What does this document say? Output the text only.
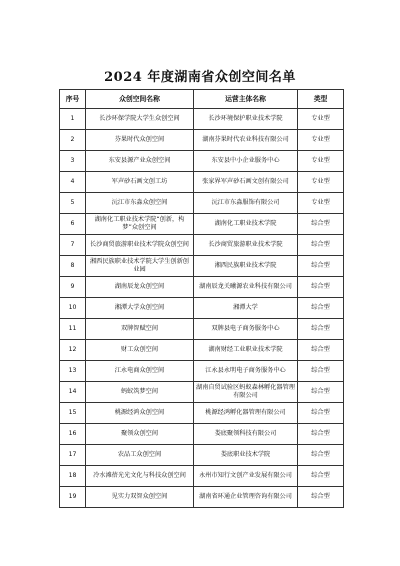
2024 年度湖南省众创空间名单
序号	众创空间名称	运营主体名称	类型
1	长沙环保学院大学生众创空间	长沙环境保护职业技术学院	专业型
2	芬果时代众创空间	湖南芬果时代农业科技有限公司	专业型
3	东安县源产业众创空间	东安县中小企业服务中心	专业型
4	军声砂石画文创工坊	张家界军声砂石画文创有限公司	专业型
5	沅江市东淼众创空间	沅江市东淼服饰有限公司	专业型
6	湖南化工职业技术学院“创新，构梦”众创空间	湖南化工职业技术学院	综合型
7	长沙商贸旅游职业技术学院众创空间	长沙商贸旅游职业技术学院	综合型
8	湘西民族职业技术学院大学生创新创业园	湘西民族职业技术学院	综合型
9	湖南辰龙众创空间	湖南辰龙关曦源农业科技有限公司	综合型
10	湘潭大学众创空间	湘潭大学	综合型
11	双牌智赋空间	双牌县电子商务服务中心	综合型
12	财工众创空间	湖南财经工业职业技术学院	综合型
13	江永电商众创空间	江永县永明电子商务服务中心	综合型
14	蚂蚁筑梦空间	湖南自贸试验区蚂蚁森林孵化器管理有限公司	综合型
15	桃源经鸿众创空间	桃源经鸿孵化器管理有限公司	综合型
16	聚领众创空间	娄底聚领科技有限公司	综合型
17	农品工众创空间	娄底职业技术学院	综合型
18	冷水滩蓓光光文化与科技众创空间	永州市知行文创产业发展有限公司	综合型
19	见实力双智众创空间	湖南省环通企业管理咨询有限公司	综合型
